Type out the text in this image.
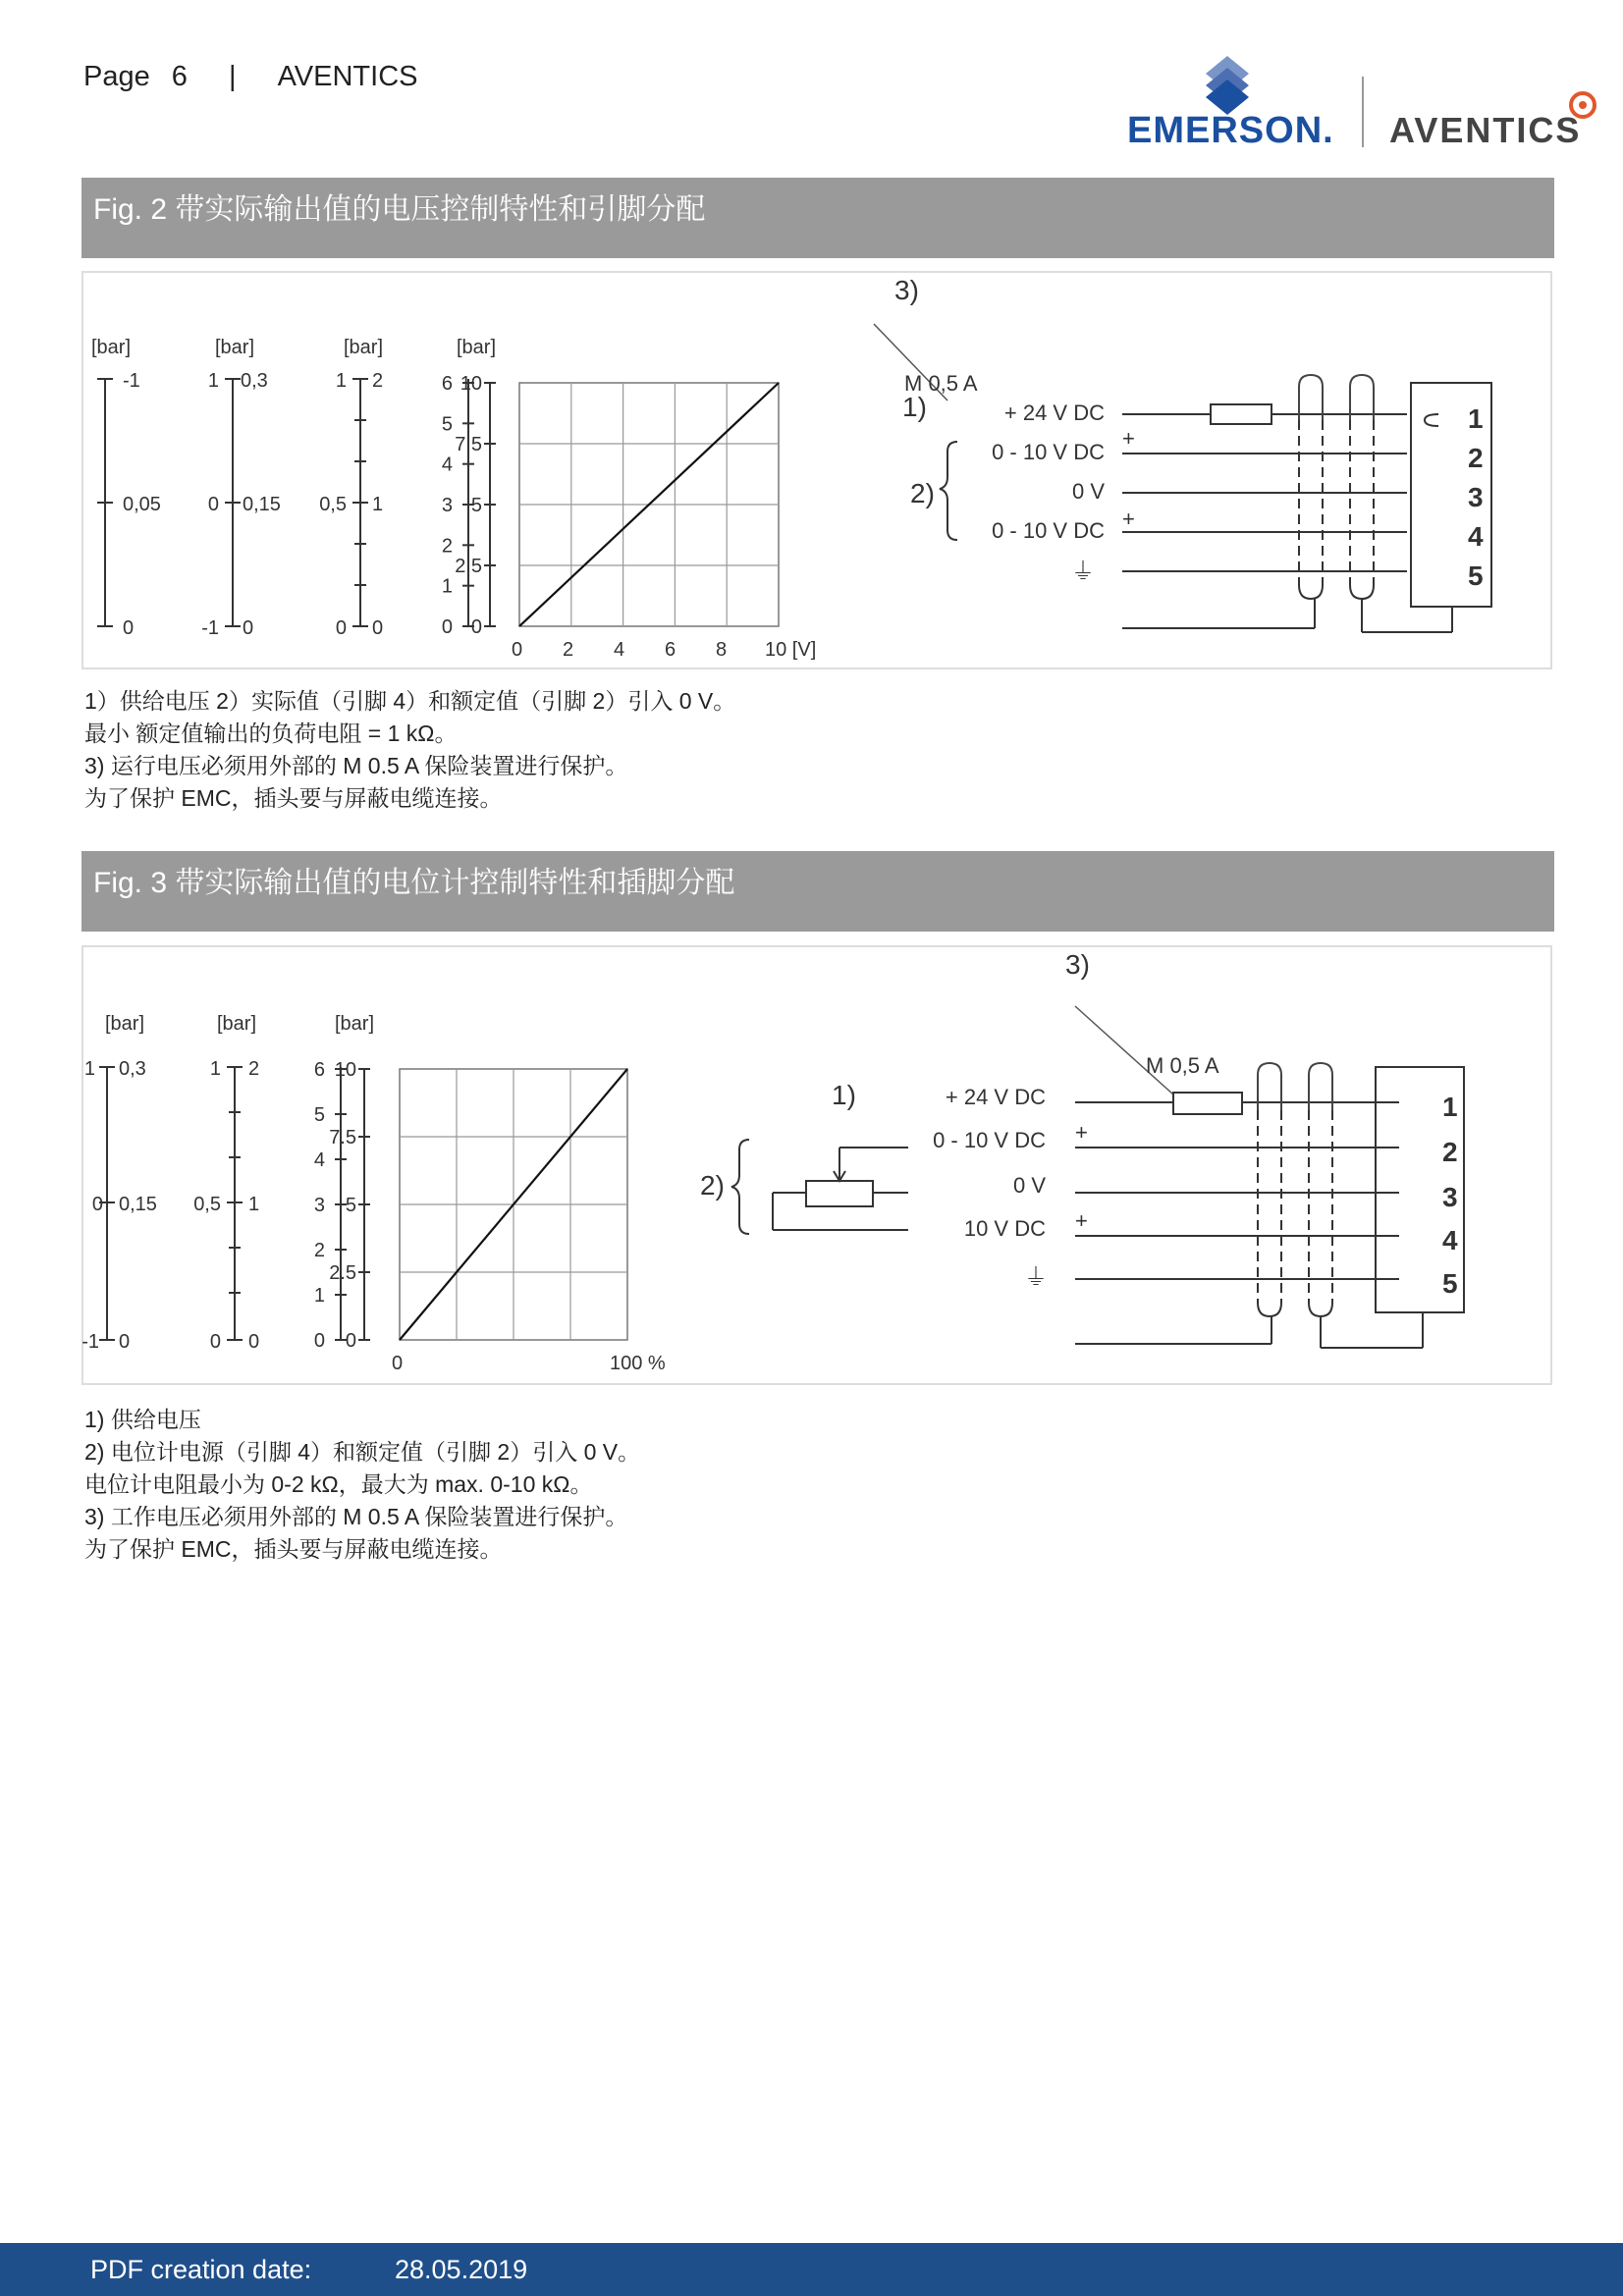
Page 6 | AVENTICS
EMERSON. AVENTICS
Fig. 2 带实际输出值的电压控制特性和引脚分配
[bar]	[bar]	[bar]	[bar]
-1
0,05
0
1
0
-1
0,3
0,15
0
1
0,5
0
2
1
0
6
5
4
3
2
1
0
10
7.5
5
2.5
0
0 2 4 6 8 10 [V]
3)
M 0,5 A
1)
2)
+ 24 V DC
0 - 10 V DC
0 V
0 - 10 V DC
+
+
⏚
1
2
3
4
5
1）供给电压 2）实际值（引脚 4）和额定值（引脚 2）引入 0 V。
最小 额定值输出的负荷电阻 = 1 kΩ。
3) 运行电压必须用外部的 M 0.5 A 保险装置进行保护。
为了保护 EMC，插头要与屏蔽电缆连接。
Fig. 3 带实际输出值的电位计控制特性和插脚分配
[bar]	[bar]	[bar]
1
0
-1
0,3
0,15
0
1
0,5
0
2
1
0
6
5
4
3
2
1
0
10
7.5
5
2.5
0
0	100 %
3)
M 0,5 A
1)
2)
+ 24 V DC
0 - 10 V DC
0 V
10 V DC
+
+
⏚
1
2
3
4
5
1) 供给电压
2) 电位计电源（引脚 4）和额定值（引脚 2）引入 0 V。
电位计电阻最小为 0-2 kΩ，最大为 max. 0-10 kΩ。
3) 工作电压必须用外部的 M 0.5 A 保险装置进行保护。
为了保护 EMC，插头要与屏蔽电缆连接。
PDF creation date:	28.05.2019
